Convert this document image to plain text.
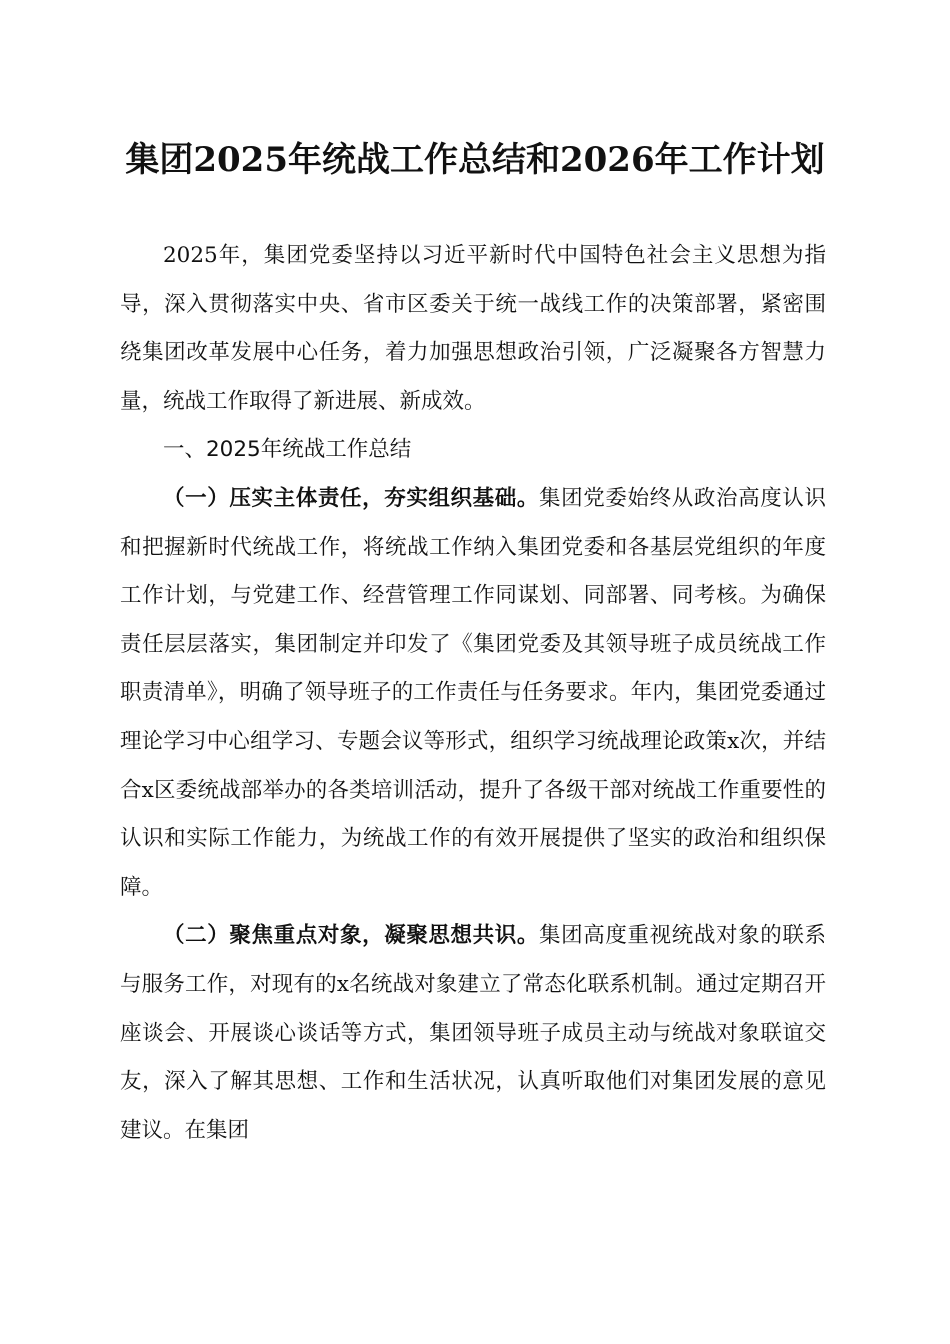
集团2025年统战工作总结和2026年工作计划

2025年，集团党委坚持以习近平新时代中国特色社会主义思想为指导，深入贯彻落实中央、省市区委关于统一战线工作的决策部署，紧密围绕集团改革发展中心任务，着力加强思想政治引领，广泛凝聚各方智慧力量，统战工作取得了新进展、新成效。

一、2025年统战工作总结

（一）压实主体责任，夯实组织基础。集团党委始终从政治高度认识和把握新时代统战工作，将统战工作纳入集团党委和各基层党组织的年度工作计划，与党建工作、经营管理工作同谋划、同部署、同考核。为确保责任层层落实，集团制定并印发了《集团党委及其领导班子成员统战工作职责清单》，明确了领导班子的工作责任与任务要求。年内，集团党委通过理论学习中心组学习、专题会议等形式，组织学习统战理论政策x次，并结合x区委统战部举办的各类培训活动，提升了各级干部对统战工作重要性的认识和实际工作能力，为统战工作的有效开展提供了坚实的政治和组织保障。

（二）聚焦重点对象，凝聚思想共识。集团高度重视统战对象的联系与服务工作，对现有的x名统战对象建立了常态化联系机制。通过定期召开座谈会、开展谈心谈话等方式，集团领导班子成员主动与统战对象联谊交友，深入了解其思想、工作和生活状况，认真听取他们对集团发展的意见建议。在集团
